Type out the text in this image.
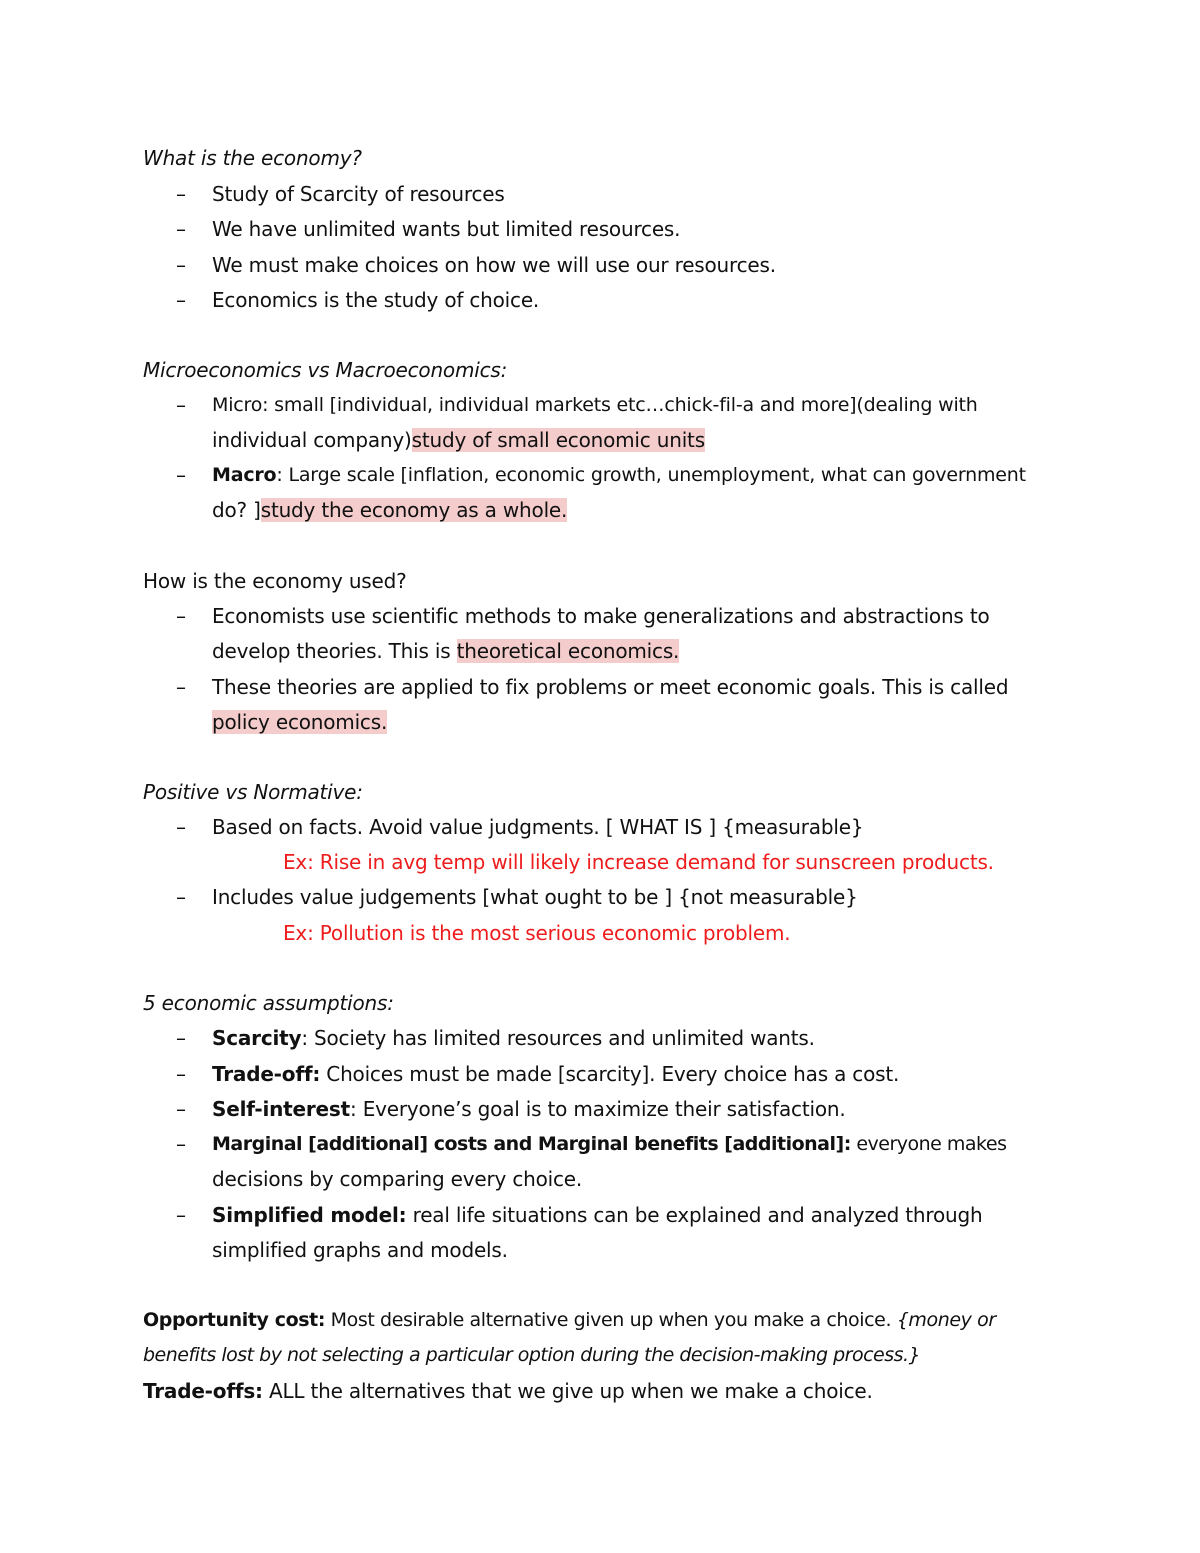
What is the economy?
– Study of Scarcity of resources
– We have unlimited wants but limited resources.
– We must make choices on how we will use our resources.
– Economics is the study of choice.
Microeconomics vs Macroeconomics:
– Micro: small [individual, individual markets etc…chick-fil-a and more](dealing with
individual company)study of small economic units
– Macro: Large scale [inflation, economic growth, unemployment, what can government
do? ]study the economy as a whole.
How is the economy used?
– Economists use scientific methods to make generalizations and abstractions to
develop theories. This is theoretical economics.
– These theories are applied to fix problems or meet economic goals. This is called
policy economics.
Positive vs Normative:
– Based on facts. Avoid value judgments. [ WHAT IS ] {measurable}
Ex: Rise in avg temp will likely increase demand for sunscreen products.
– Includes value judgements [what ought to be ] {not measurable}
Ex: Pollution is the most serious economic problem.
5 economic assumptions:
– Scarcity: Society has limited resources and unlimited wants.
– Trade-off: Choices must be made [scarcity]. Every choice has a cost.
– Self-interest: Everyone’s goal is to maximize their satisfaction.
– Marginal [additional] costs and Marginal benefits [additional]: everyone makes
decisions by comparing every choice.
– Simplified model: real life situations can be explained and analyzed through
simplified graphs and models.
Opportunity cost: Most desirable alternative given up when you make a choice. {money or
benefits lost by not selecting a particular option during the decision-making process.}
Trade-offs: ALL the alternatives that we give up when we make a choice.
